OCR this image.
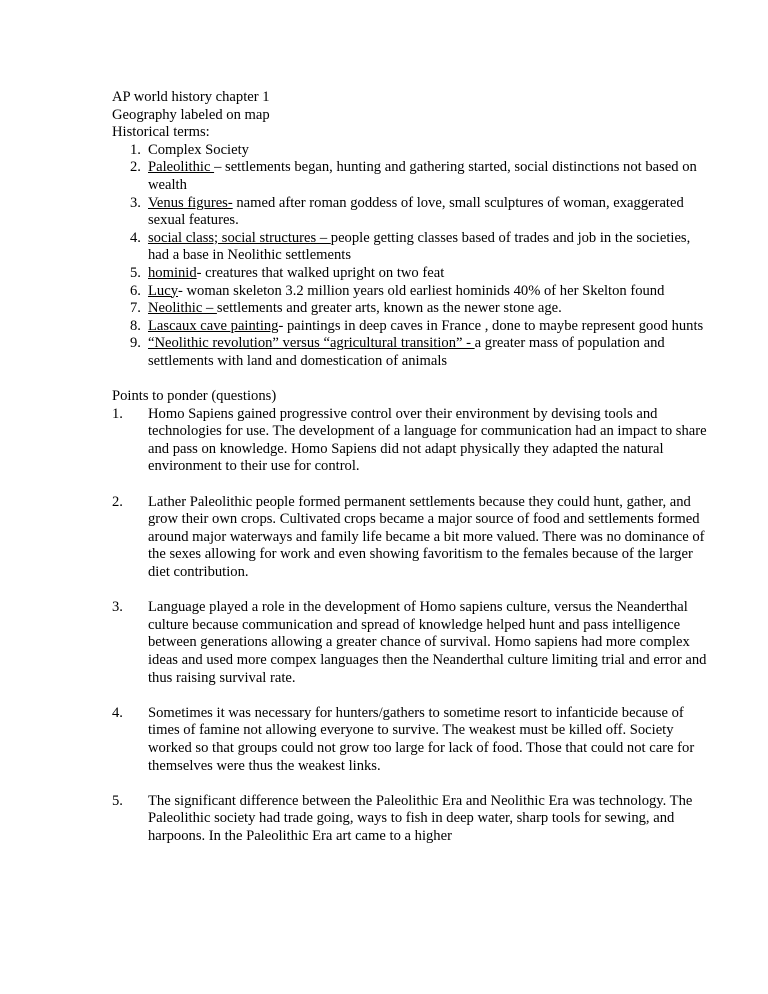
AP world history chapter 1

Geography labeled on map

Historical terms:

1. Complex Society
2. Paleolithic – settlements began, hunting and gathering started, social distinctions not based on wealth
3. Venus figures- named after roman goddess of love, small sculptures of woman, exaggerated sexual features.
4. social class; social structures – people getting classes based of trades and job in the societies, had a base in Neolithic settlements
5. hominid- creatures that walked upright on two feat
6. Lucy- woman skeleton 3.2 million years old earliest hominids 40% of her Skelton found
7. Neolithic – settlements and greater arts, known as the newer stone age.
8. Lascaux cave painting- paintings in deep caves in France , done to maybe represent good hunts
9. “Neolithic revolution” versus “agricultural transition” - a greater mass of population and settlements with land and domestication of animals

Points to ponder (questions)

1. Homo Sapiens gained progressive control over their environment by devising tools and technologies for use. The development of a language for communication had an impact to share and pass on knowledge. Homo Sapiens did not adapt physically they adapted the natural environment to their use for control.
2. Lather Paleolithic people formed permanent settlements because they could hunt, gather, and grow their own crops. Cultivated crops became a major source of food and settlements formed around major waterways and family life became a bit more valued. There was no dominance of the sexes allowing for work and even showing favoritism to the females because of the larger diet contribution.
3. Language played a role in the development of Homo sapiens culture, versus the Neanderthal culture because communication and spread of knowledge helped hunt and pass intelligence between generations allowing a greater chance of survival. Homo sapiens had more complex ideas and used more compex languages then the Neanderthal culture limiting trial and error and thus raising survival rate.
4. Sometimes it was necessary for hunters/gathers to sometime resort to infanticide because of times of famine not allowing everyone to survive. The weakest must be killed off. Society worked so that groups could not grow too large for lack of food. Those that could not care for themselves were thus the weakest links.
5. The significant difference between the Paleolithic Era and Neolithic Era was technology. The Paleolithic society had trade going, ways to fish in deep water, sharp tools for sewing, and harpoons. In the Paleolithic Era art came to a higher
